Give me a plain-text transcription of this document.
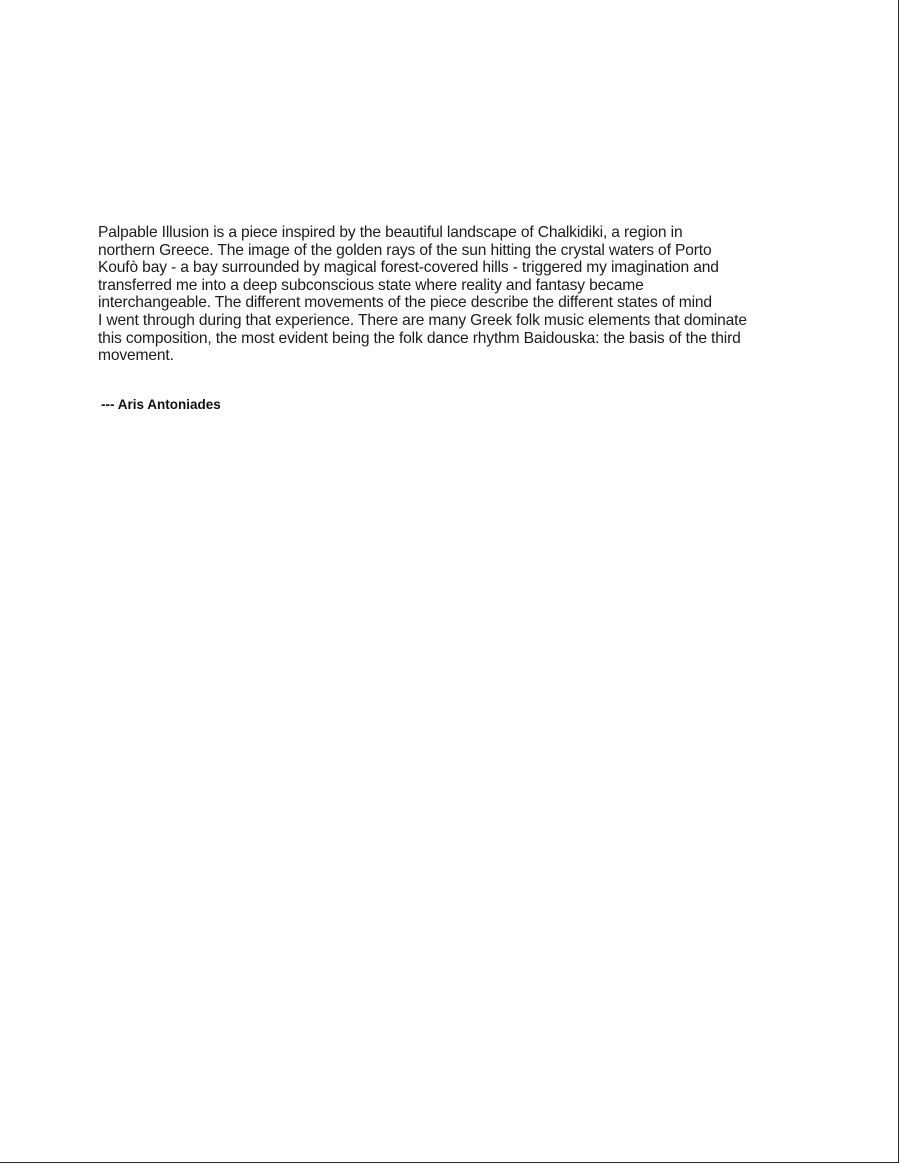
Palpable Illusion is a piece inspired by the beautiful landscape of Chalkidiki, a region in
northern Greece. The image of the golden rays of the sun hitting the crystal waters of Porto
Koufò bay - a bay surrounded by magical forest-covered hills - triggered my imagination and
transferred me into a deep subconscious state where reality and fantasy became
interchangeable. The different movements of the piece describe the different states of mind
I went through during that experience. There are many Greek folk music elements that dominate
this composition, the most evident being the folk dance rhythm Baidouska: the basis of the third
movement.

--- Aris Antoniades
